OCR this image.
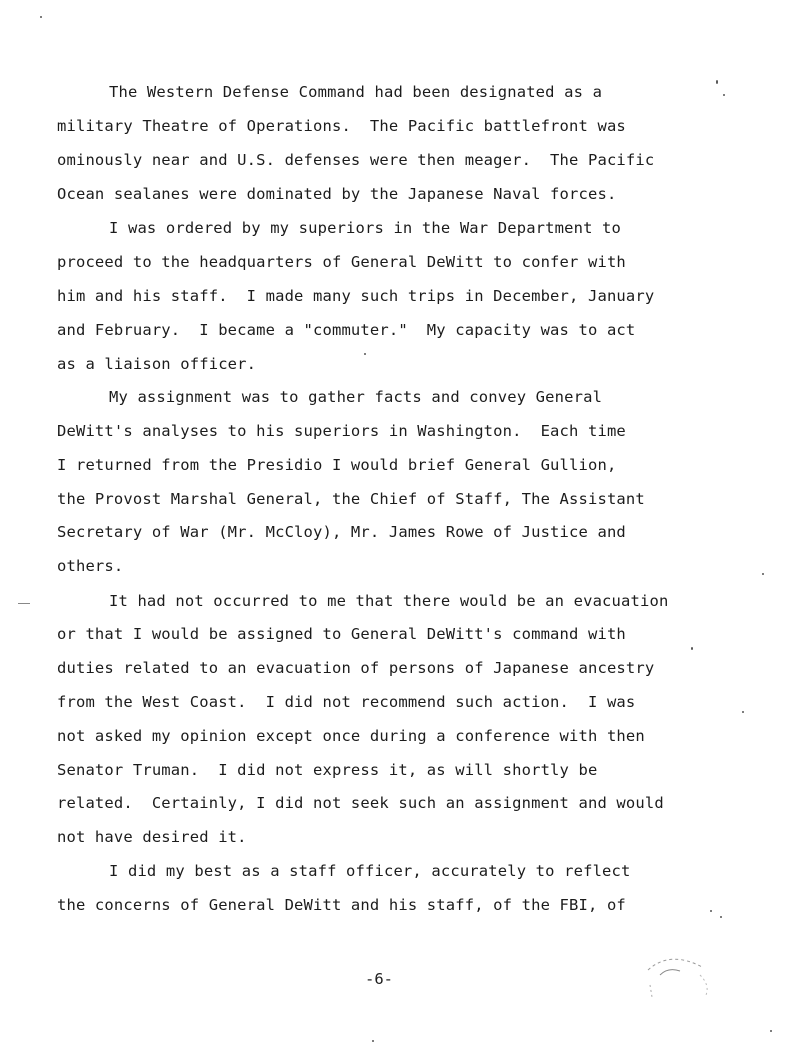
The Western Defense Command had been designated as a
military Theatre of Operations.  The Pacific battlefront was
ominously near and U.S. defenses were then meager.  The Pacific
Ocean sealanes were dominated by the Japanese Naval forces.
I was ordered by my superiors in the War Department to
proceed to the headquarters of General DeWitt to confer with
him and his staff.  I made many such trips in December, January
and February.  I became a "commuter."  My capacity was to act
as a liaison officer.
My assignment was to gather facts and convey General
DeWitt's analyses to his superiors in Washington.  Each time
I returned from the Presidio I would brief General Gullion,
the Provost Marshal General, the Chief of Staff, The Assistant
Secretary of War (Mr. McCloy), Mr. James Rowe of Justice and
others.
It had not occurred to me that there would be an evacuation
or that I would be assigned to General DeWitt's command with
duties related to an evacuation of persons of Japanese ancestry
from the West Coast.  I did not recommend such action.  I was
not asked my opinion except once during a conference with then
Senator Truman.  I did not express it, as will shortly be
related.  Certainly, I did not seek such an assignment and would
not have desired it.
I did my best as a staff officer, accurately to reflect
the concerns of General DeWitt and his staff, of the FBI, of
-6-
